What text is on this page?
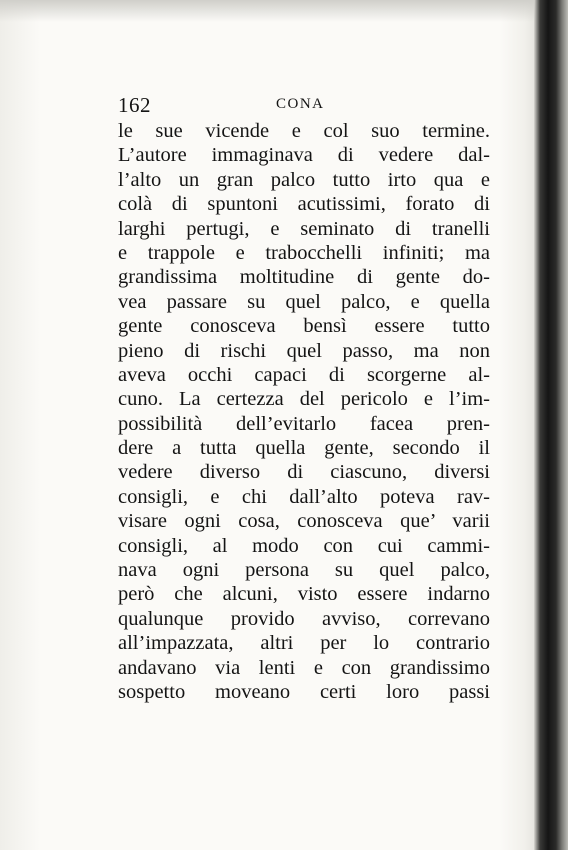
162	CONA
le sue vicende e col suo termine.
L’autore immaginava di vedere dal-
l’alto un gran palco tutto irto qua e
colà di spuntoni acutissimi, forato di
larghi pertugi, e seminato di tranelli
e trappole e trabocchelli infiniti; ma
grandissima moltitudine di gente do-
vea passare su quel palco, e quella
gente conosceva bensì essere tutto
pieno di rischi quel passo, ma non
aveva occhi capaci di scorgerne al-
cuno. La certezza del pericolo e l’im-
possibilità dell’evitarlo facea pren-
dere a tutta quella gente, secondo il
vedere diverso di ciascuno, diversi
consigli, e chi dall’alto poteva rav-
visare ogni cosa, conosceva que’ varii
consigli, al modo con cui cammi-
nava ogni persona su quel palco,
però che alcuni, visto essere indarno
qualunque provido avviso, correvano
all’impazzata, altri per lo contrario
andavano via lenti e con grandissimo
sospetto moveano certi loro passi
